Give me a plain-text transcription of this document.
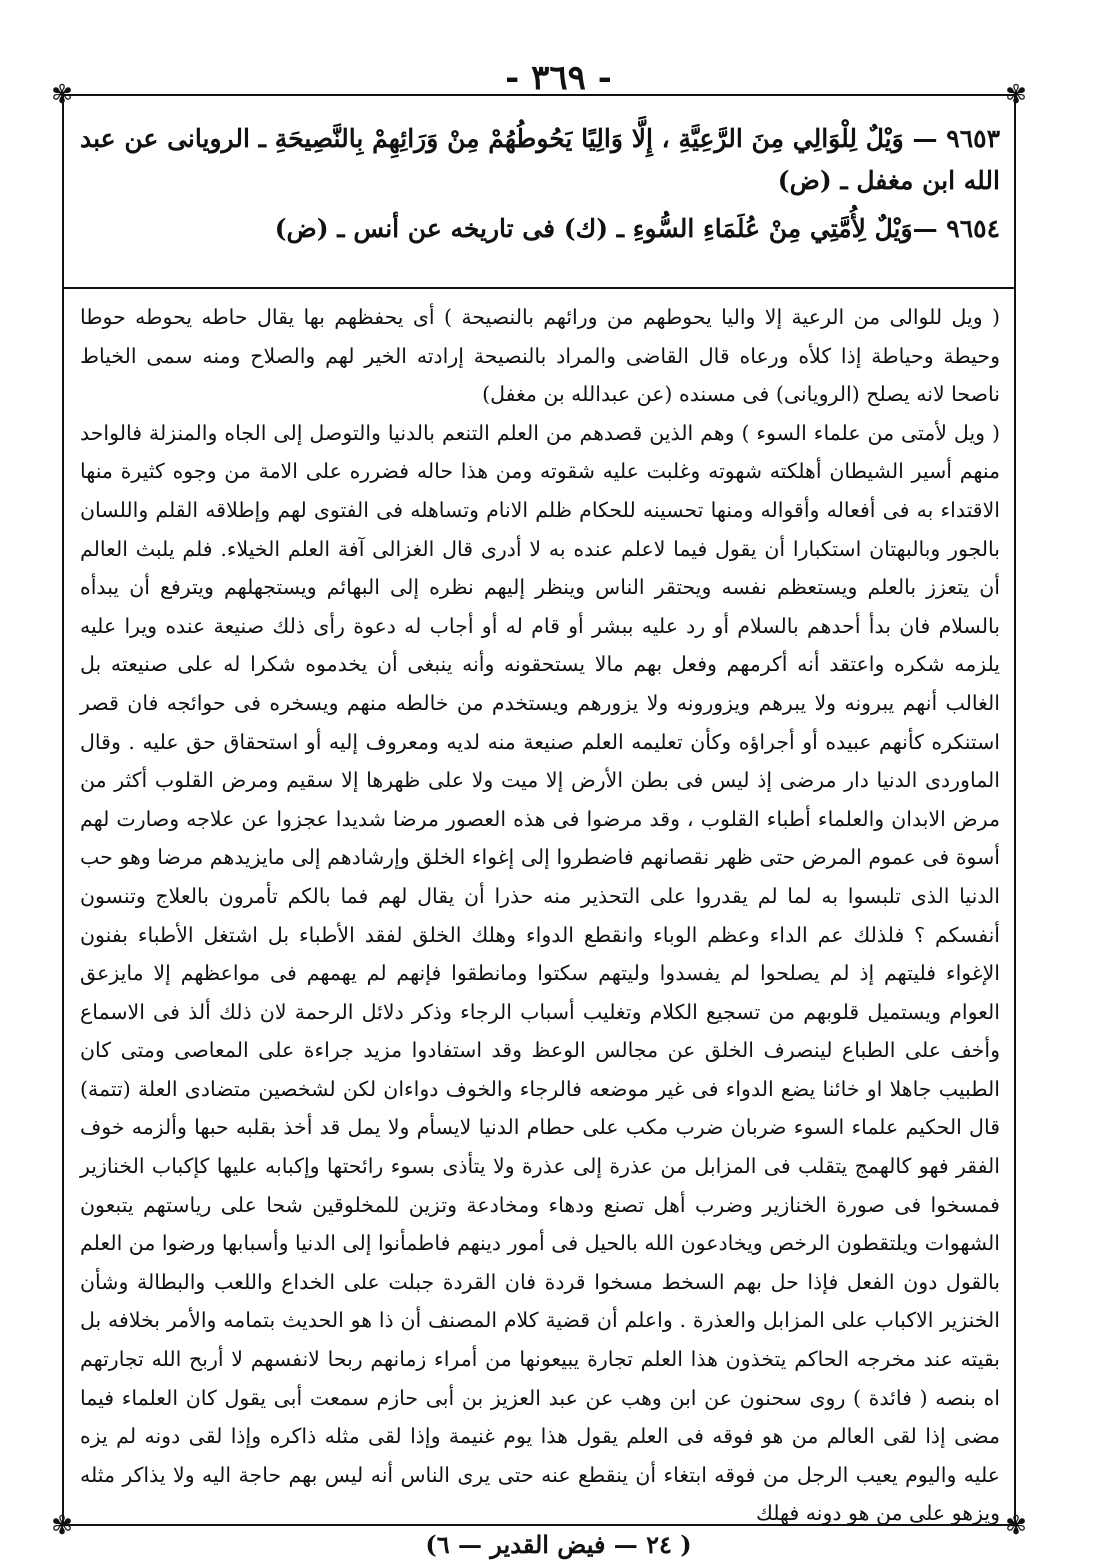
- ٣٦٩ -
✾	✾
✾	✾

٩٦٥٣ — وَيْلٌ لِلْوَالِي مِنَ الرَّعِيَّةِ ، إِلَّا وَالِيًا يَحُوطُهُمْ مِنْ وَرَائِهِمْ بِالنَّصِيحَةِ ـ الرويانى عن عبد الله ابن مغفل ـ (ض)

٩٦٥٤ —وَيْلٌ لِأُمَّتِي مِنْ عُلَمَاءِ السُّوءِ ـ (ك) فى تاريخه عن أنس ـ (ض)

( ويل للوالى من الرعية إلا واليا يحوطهم من ورائهم بالنصيحة ) أى يحفظهم بها يقال حاطه يحوطه حوطا وحيطة وحياطة إذا كلأه ورعاه قال القاضى والمراد بالنصيحة إرادته الخير لهم والصلاح ومنه سمى الخياط ناصحا لانه يصلح (الرويانى) فى مسنده (عن عبدالله بن مغفل)

( ويل لأمتى من علماء السوء ) وهم الذين قصدهم من العلم التنعم بالدنيا والتوصل إلى الجاه والمنزلة فالواحد منهم أسير الشيطان أهلكته شهوته وغلبت عليه شقوته ومن هذا حاله فضرره على الامة من وجوه كثيرة منها الاقتداء به فى أفعاله وأقواله ومنها تحسينه للحكام ظلم الانام وتساهله فى الفتوى لهم وإطلاقه القلم واللسان بالجور وبالبهتان استكبارا أن يقول فيما لاعلم عنده به لا أدرى قال الغزالى آفة العلم الخيلاء. فلم يلبث العالم أن يتعزز بالعلم ويستعظم نفسه ويحتقر الناس وينظر إليهم نظره إلى البهائم ويستجهلهم ويترفع أن يبدأه بالسلام فان بدأ أحدهم بالسلام أو رد عليه ببشر أو قام له أو أجاب له دعوة رأى ذلك صنيعة عنده ويرا عليه يلزمه شكره واعتقد أنه أكرمهم وفعل بهم مالا يستحقونه وأنه ينبغى أن يخدموه شكرا له على صنيعته بل الغالب أنهم يبرونه ولا يبرهم ويزورونه ولا يزورهم ويستخدم من خالطه منهم ويسخره فى حوائجه فان قصر استنكره كأنهم عبيده أو أجراؤه وكأن تعليمه العلم صنيعة منه لديه ومعروف إليه أو استحقاق حق عليه . وقال الماوردى الدنيا دار مرضى إذ ليس فى بطن الأرض إلا ميت ولا على ظهرها إلا سقيم ومرض القلوب أكثر من مرض الابدان والعلماء أطباء القلوب ، وقد مرضوا فى هذه العصور مرضا شديدا عجزوا عن علاجه وصارت لهم أسوة فى عموم المرض حتى ظهر نقصانهم فاضطروا إلى إغواء الخلق وإرشادهم إلى مايزيدهم مرضا وهو حب الدنيا الذى تلبسوا به لما لم يقدروا على التحذير منه حذرا أن يقال لهم فما بالكم تأمرون بالعلاج وتنسون أنفسكم ؟ فلذلك عم الداء وعظم الوباء وانقطع الدواء وهلك الخلق لفقد الأطباء بل اشتغل الأطباء بفنون الإغواء فليتهم إذ لم يصلحوا لم يفسدوا وليتهم سكتوا ومانطقوا فإنهم لم يهمهم فى مواعظهم إلا مايزعق العوام ويستميل قلوبهم من تسجيع الكلام وتغليب أسباب الرجاء وذكر دلائل الرحمة لان ذلك ألذ فى الاسماع وأخف على الطباع لينصرف الخلق عن مجالس الوعظ وقد استفادوا مزيد جراءة على المعاصى ومتى كان الطبيب جاهلا او خائنا يضع الدواء فى غير موضعه فالرجاء والخوف دواءان لكن لشخصين متضادى العلة (تتمة) قال الحكيم علماء السوء ضربان ضرب مكب على حطام الدنيا لايسأم ولا يمل قد أخذ بقلبه حبها وألزمه خوف الفقر فهو كالهمج يتقلب فى المزابل من عذرة إلى عذرة ولا يتأذى بسوء رائحتها وإكبابه عليها كإكباب الخنازير فمسخوا فى صورة الخنازير وضرب أهل تصنع ودهاء ومخادعة وتزين للمخلوقين شحا على رياستهم يتبعون الشهوات ويلتقطون الرخص ويخادعون الله بالحيل فى أمور دينهم فاطمأنوا إلى الدنيا وأسبابها ورضوا من العلم بالقول دون الفعل فإذا حل بهم السخط مسخوا قردة فان القردة جبلت على الخداع واللعب والبطالة وشأن الخنزير الاكباب على المزابل والعذرة . واعلم أن قضية كلام المصنف أن ذا هو الحديث بتمامه والأمر بخلافه بل بقيته عند مخرجه الحاكم يتخذون هذا العلم تجارة يبيعونها من أمراء زمانهم ربحا لانفسهم لا أربح الله تجارتهم اه بنصه ( فائدة ) روى سحنون عن ابن وهب عن عبد العزيز بن أبى حازم سمعت أبى يقول كان العلماء فيما مضى إذا لقى العالم من هو فوقه فى العلم يقول هذا يوم غنيمة وإذا لقى مثله ذاكره وإذا لقى دونه لم يزه عليه واليوم يعيب الرجل من فوقه ابتغاء أن ينقطع عنه حتى يرى الناس أنه ليس بهم حاجة اليه ولا يذاكر مثله ويزهو على من هو دونه فهلك

( ٢٤ — فيض القدير — ٦)
